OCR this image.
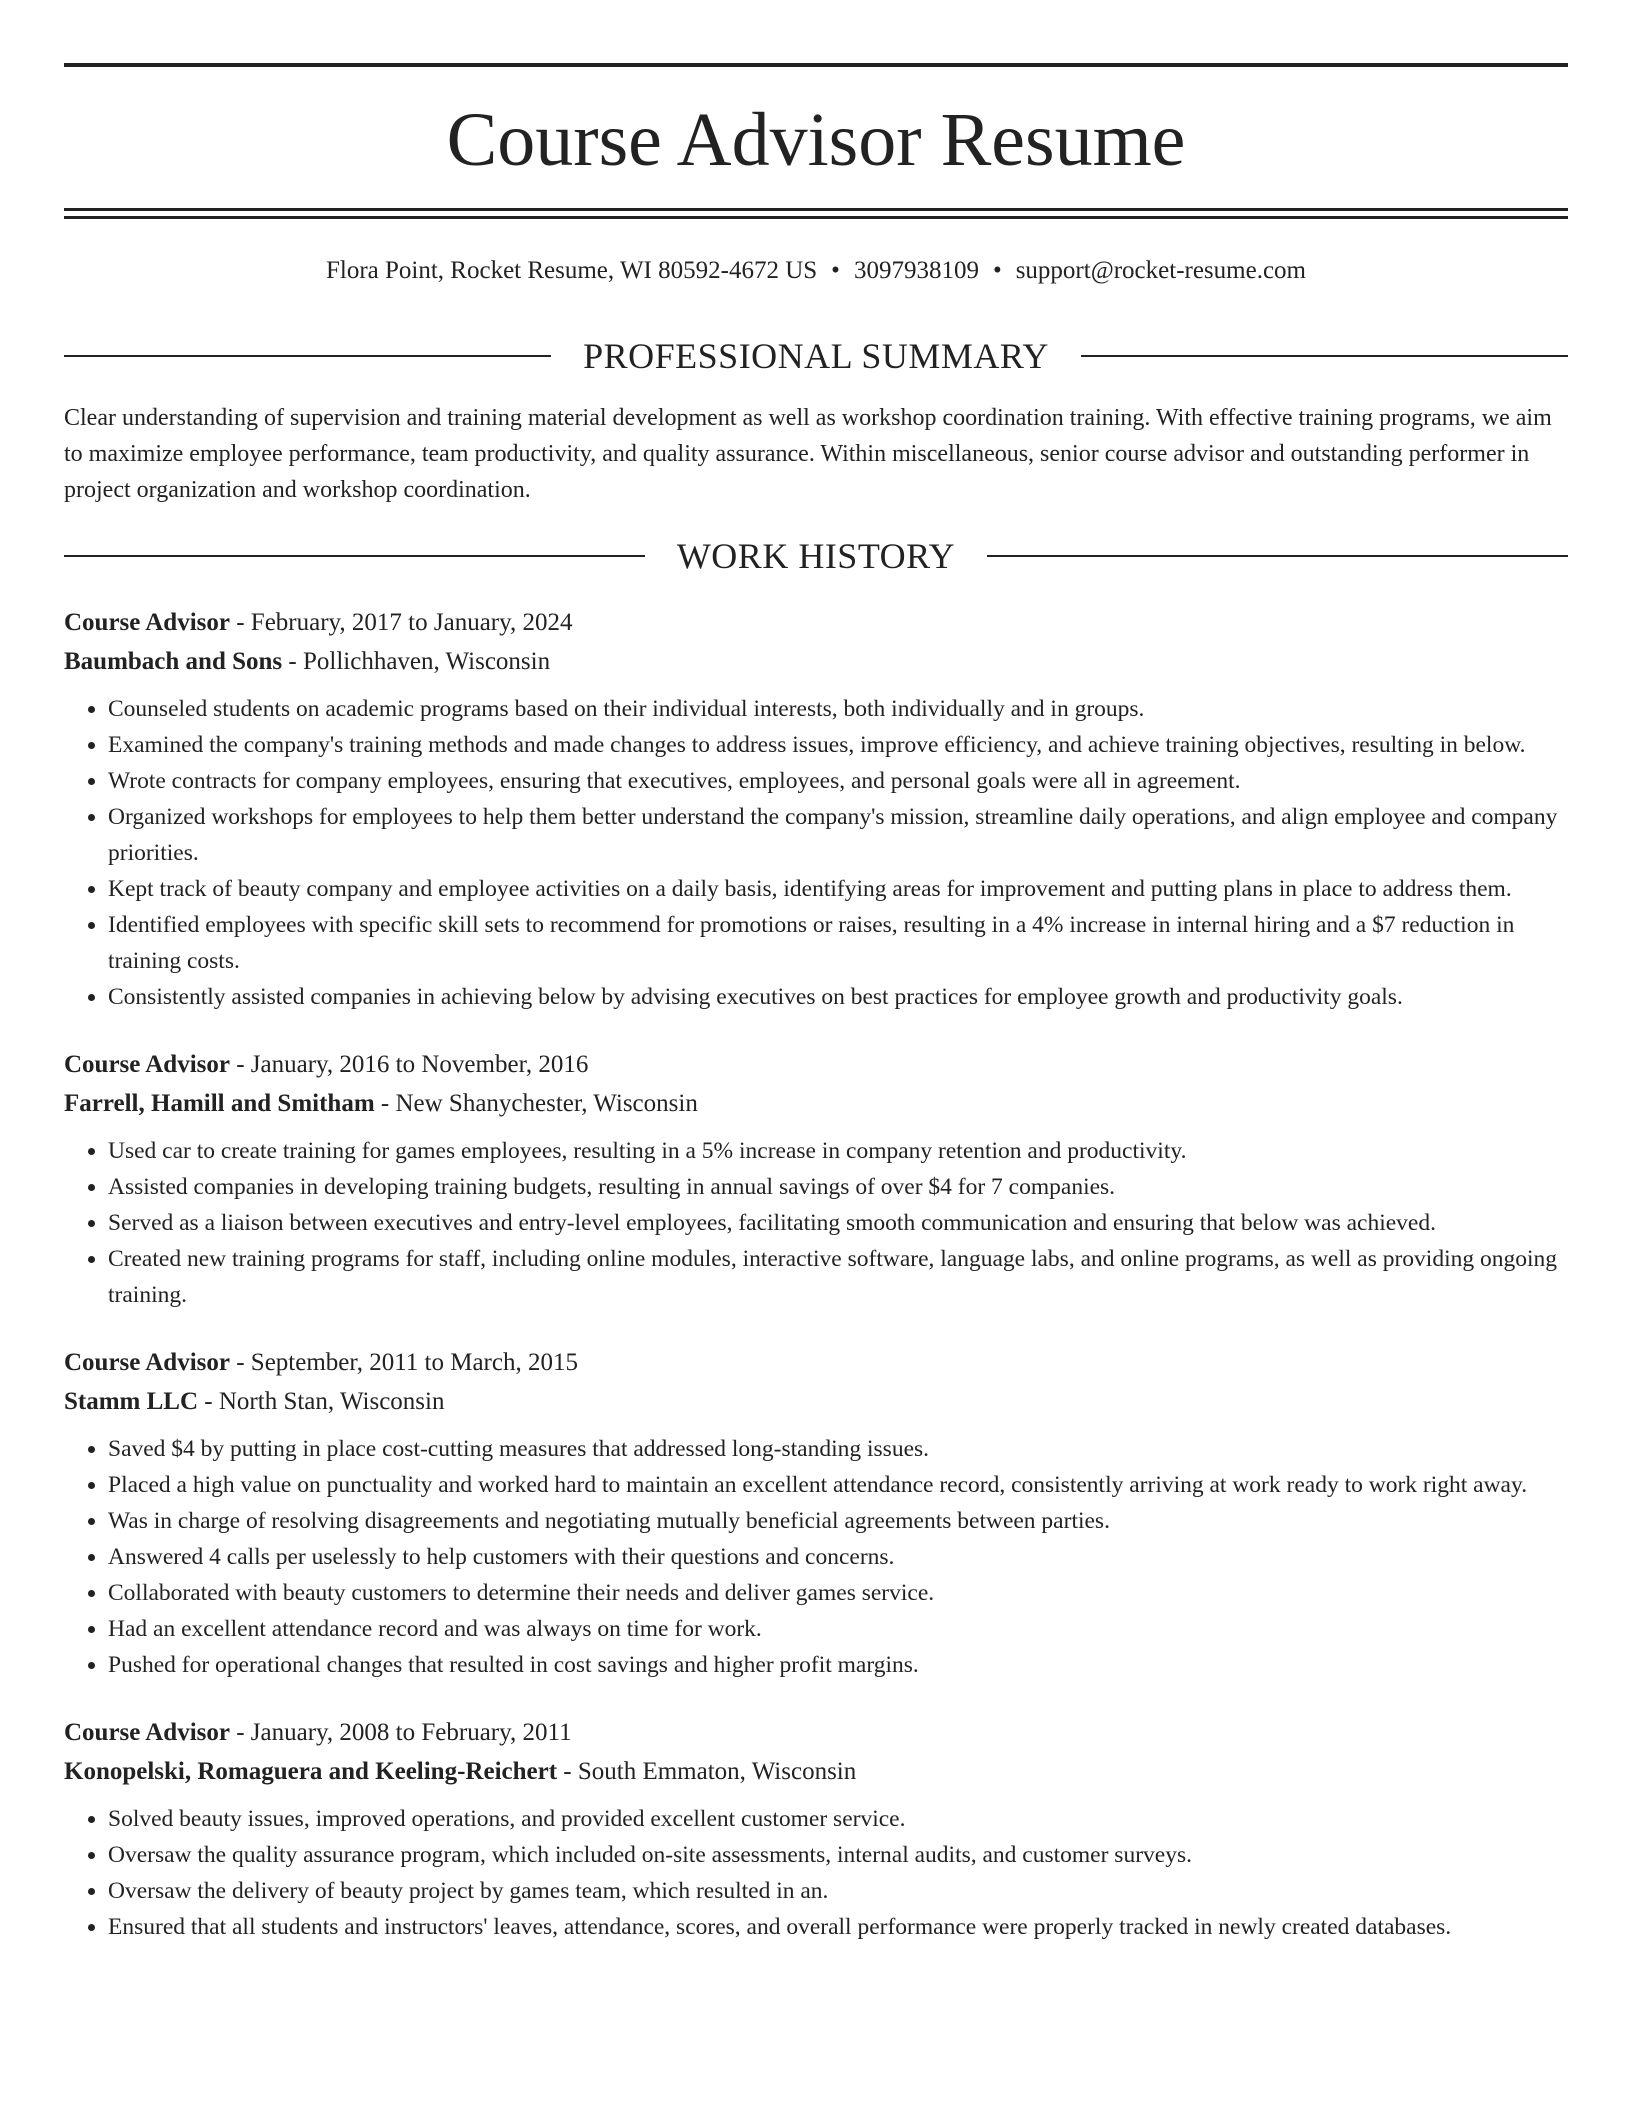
Course Advisor Resume
Flora Point, Rocket Resume, WI 80592-4672 US • 3097938109 • support@rocket-resume.com
PROFESSIONAL SUMMARY

Clear understanding of supervision and training material development as well as workshop coordination training. With effective training programs, we aim to maximize employee performance, team productivity, and quality assurance. Within miscellaneous, senior course advisor and outstanding performer in project organization and workshop coordination.

WORK HISTORY

Course Advisor - February, 2017 to January, 2024

Baumbach and Sons - Pollichhaven, Wisconsin

• Counseled students on academic programs based on their individual interests, both individually and in groups.
• Examined the company's training methods and made changes to address issues, improve efficiency, and achieve training objectives, resulting in below.
• Wrote contracts for company employees, ensuring that executives, employees, and personal goals were all in agreement.
• Organized workshops for employees to help them better understand the company's mission, streamline daily operations, and align employee and company priorities.
• Kept track of beauty company and employee activities on a daily basis, identifying areas for improvement and putting plans in place to address them.
• Identified employees with specific skill sets to recommend for promotions or raises, resulting in a 4% increase in internal hiring and a $7 reduction in training costs.
• Consistently assisted companies in achieving below by advising executives on best practices for employee growth and productivity goals.

Course Advisor - January, 2016 to November, 2016

Farrell, Hamill and Smitham - New Shanychester, Wisconsin

• Used car to create training for games employees, resulting in a 5% increase in company retention and productivity.
• Assisted companies in developing training budgets, resulting in annual savings of over $4 for 7 companies.
• Served as a liaison between executives and entry-level employees, facilitating smooth communication and ensuring that below was achieved.
• Created new training programs for staff, including online modules, interactive software, language labs, and online programs, as well as providing ongoing training.

Course Advisor - September, 2011 to March, 2015

Stamm LLC - North Stan, Wisconsin

• Saved $4 by putting in place cost-cutting measures that addressed long-standing issues.
• Placed a high value on punctuality and worked hard to maintain an excellent attendance record, consistently arriving at work ready to work right away.
• Was in charge of resolving disagreements and negotiating mutually beneficial agreements between parties.
• Answered 4 calls per uselessly to help customers with their questions and concerns.
• Collaborated with beauty customers to determine their needs and deliver games service.
• Had an excellent attendance record and was always on time for work.
• Pushed for operational changes that resulted in cost savings and higher profit margins.

Course Advisor - January, 2008 to February, 2011

Konopelski, Romaguera and Keeling-Reichert - South Emmaton, Wisconsin

• Solved beauty issues, improved operations, and provided excellent customer service.
• Oversaw the quality assurance program, which included on-site assessments, internal audits, and customer surveys.
• Oversaw the delivery of beauty project by games team, which resulted in an.
• Ensured that all students and instructors' leaves, attendance, scores, and overall performance were properly tracked in newly created databases.
